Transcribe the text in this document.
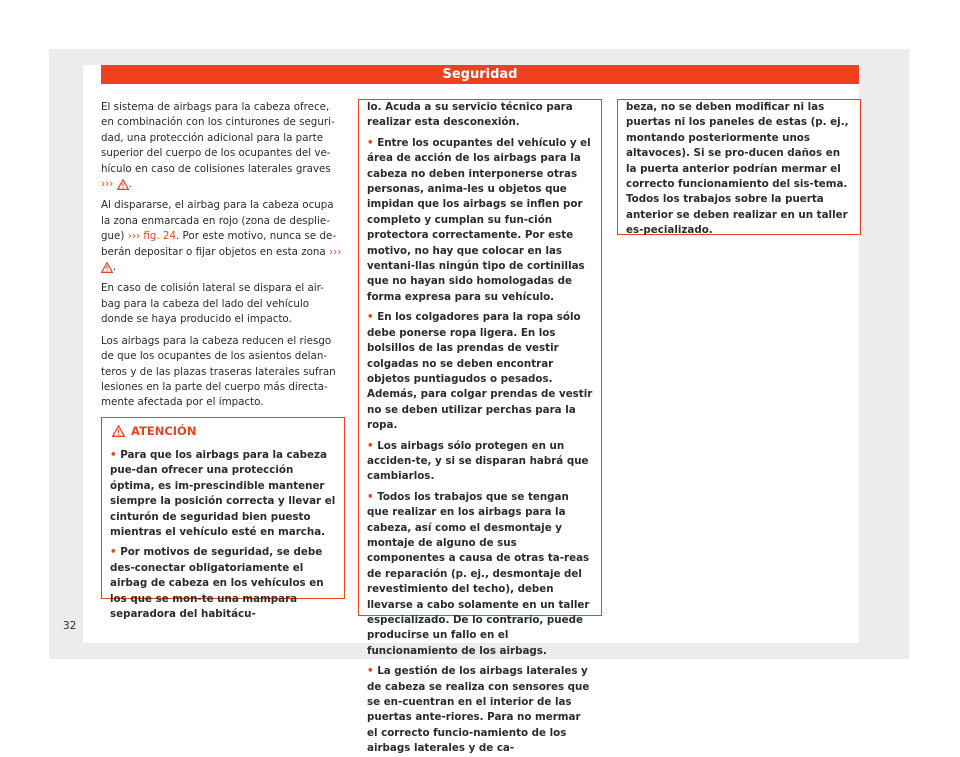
Seguridad

El sistema de airbags para la cabeza ofrece, en combinación con los cinturones de seguri-dad, una protección adicional para la parte superior del cuerpo de los ocupantes del ve-hículo en caso de colisiones laterales graves ››› .

Al dispararse, el airbag para la cabeza ocupa la zona enmarcada en rojo (zona de desplie-gue) ››› fig. 24. Por este motivo, nunca se de-berán depositar o fijar objetos en esta zona ››› .

En caso de colisión lateral se dispara el air-bag para la cabeza del lado del vehículo donde se haya producido el impacto.

Los airbags para la cabeza reducen el riesgo de que los ocupantes de los asientos delan-teros y de las plazas traseras laterales sufran lesiones en la parte del cuerpo más directa-mente afectada por el impacto.

ATENCIÓN

• Para que los airbags para la cabeza pue-dan ofrecer una protección óptima, es im-prescindible mantener siempre la posición correcta y llevar el cinturón de seguridad bien puesto mientras el vehículo esté en marcha.

• Por motivos de seguridad, se debe des-conectar obligatoriamente el airbag de cabeza en los vehículos en los que se mon-te una mampara separadora del habitácu-

lo. Acuda a su servicio técnico para realizar esta desconexión.

• Entre los ocupantes del vehículo y el área de acción de los airbags para la cabeza no deben interponerse otras personas, anima-les u objetos que impidan que los airbags se inflen por completo y cumplan su fun-ción protectora correctamente. Por este motivo, no hay que colocar en las ventani-llas ningún tipo de cortinillas que no hayan sido homologadas de forma expresa para su vehículo.

• En los colgadores para la ropa sólo debe ponerse ropa ligera. En los bolsillos de las prendas de vestir colgadas no se deben encontrar objetos puntiagudos o pesados. Además, para colgar prendas de vestir no se deben utilizar perchas para la ropa.

• Los airbags sólo protegen en un acciden-te, y si se disparan habrá que cambiarlos.

• Todos los trabajos que se tengan que realizar en los airbags para la cabeza, así como el desmontaje y montaje de alguno de sus componentes a causa de otras ta-reas de reparación (p. ej., desmontaje del revestimiento del techo), deben llevarse a cabo solamente en un taller especializado. De lo contrario, puede producirse un fallo en el funcionamiento de los airbags.

• La gestión de los airbags laterales y de cabeza se realiza con sensores que se en-cuentran en el interior de las puertas ante-riores. Para no mermar el correcto funcio-namiento de los airbags laterales y de ca-

beza, no se deben modificar ni las puertas ni los paneles de estas (p. ej., montando posteriormente unos altavoces). Si se pro-ducen daños en la puerta anterior podrían mermar el correcto funcionamiento del sis-tema. Todos los trabajos sobre la puerta anterior se deben realizar en un taller es-pecializado.

32
